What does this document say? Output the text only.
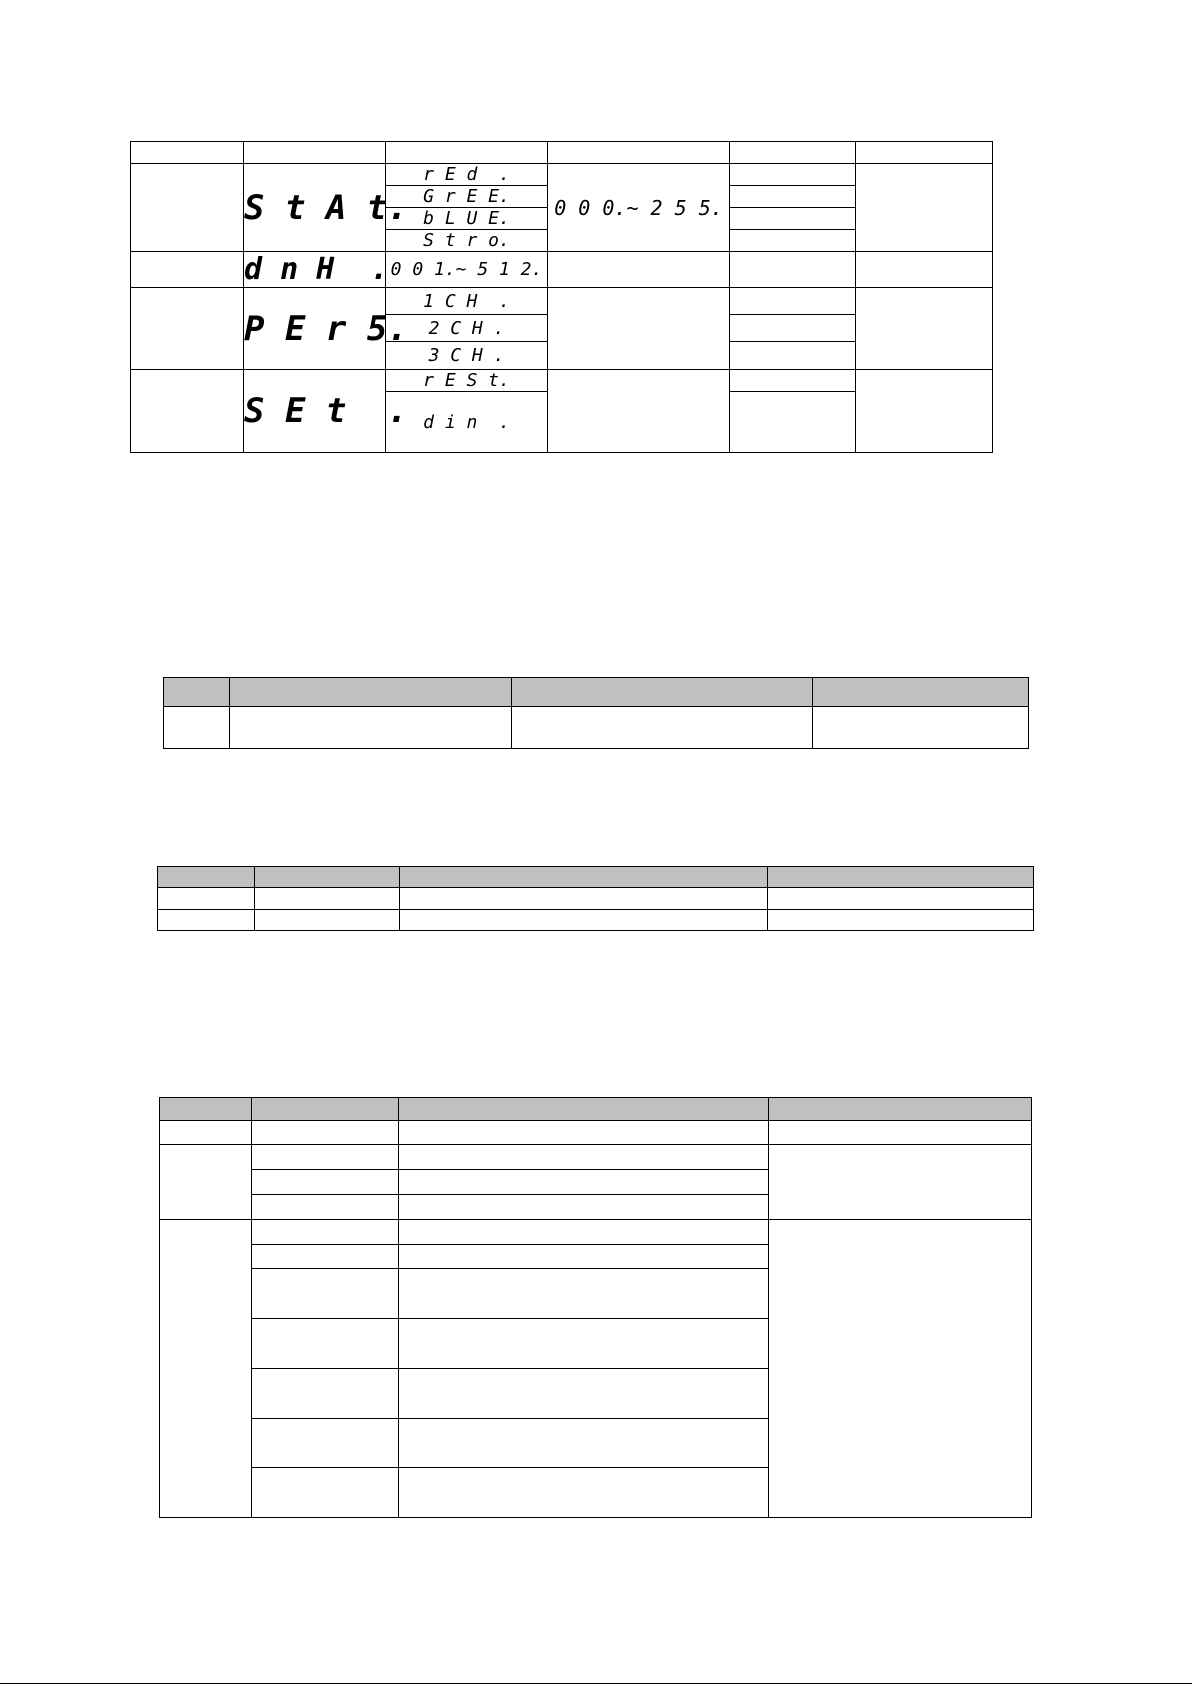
	S t A t.	r E d  .	0 0 0.~ 2 5 5.		
		G r E E.			
		b L U E.			
		S t r o.			
	d n H  .	0 0 1.~ 5 1 2.			
	P E r 5.	1 C H  .			
		2 C H .			
		3 C H .			
	S E t  .	r E S t.			
		d i n  .			
